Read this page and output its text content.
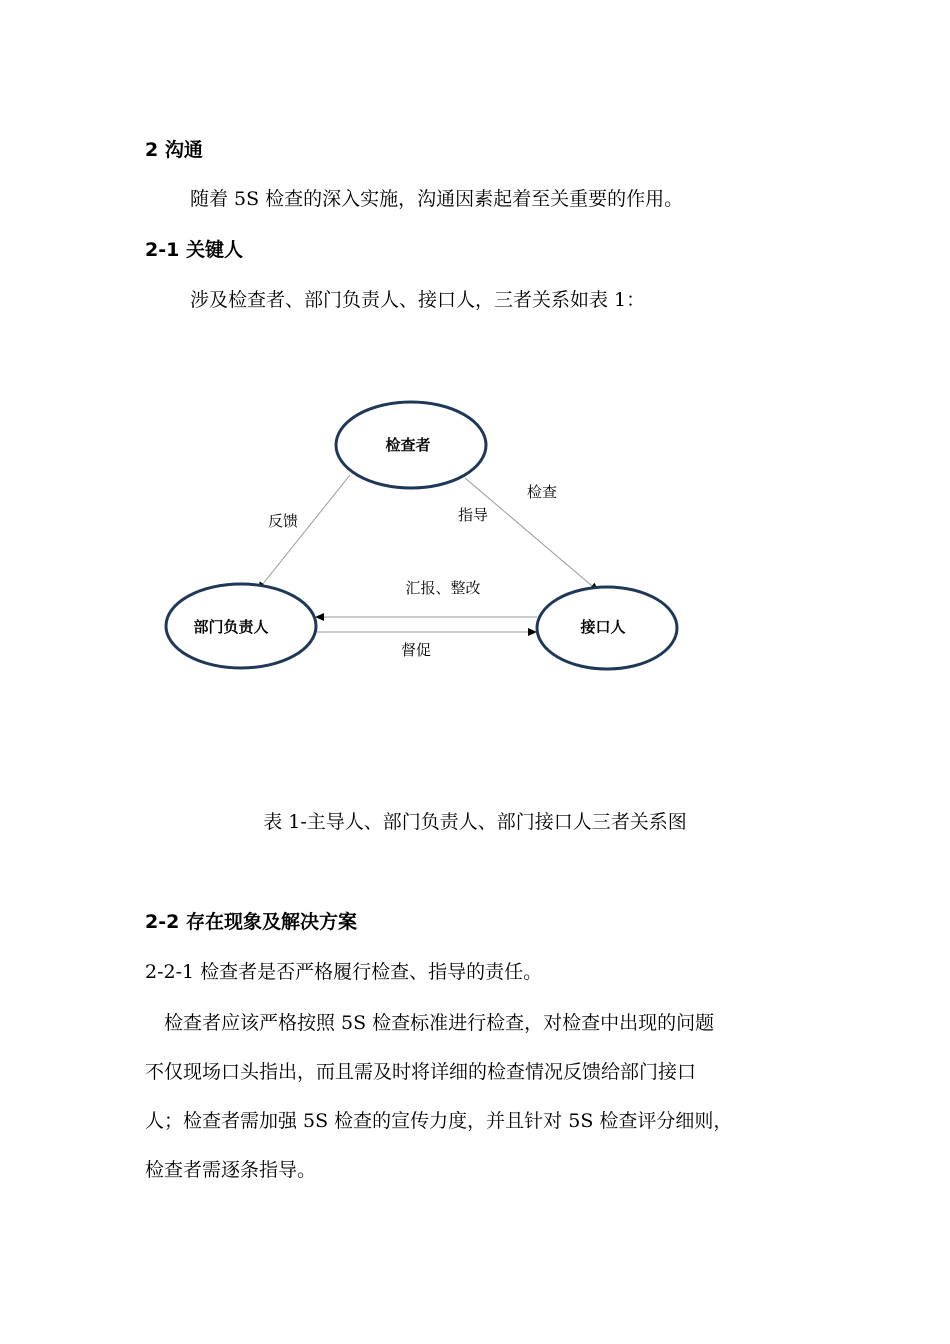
2 沟通

随着 5S 检查的深入实施，沟通因素起着至关重要的作用。

2-1 关键人

涉及检查者、部门负责人、接口人，三者关系如表 1：

检查者
部门负责人	接口人
反馈
检查
指导
汇报、整改
督促

表 1-主导人、部门负责人、部门接口人三者关系图

2-2 存在现象及解决方案

2-2-1 检查者是否严格履行检查、指导的责任。

　检查者应该严格按照 5S 检查标准进行检查，对检查中出现的问题
不仅现场口头指出，而且需及时将详细的检查情况反馈给部门接口
人；检查者需加强 5S 检查的宣传力度，并且针对 5S 检查评分细则，
检查者需逐条指导。
